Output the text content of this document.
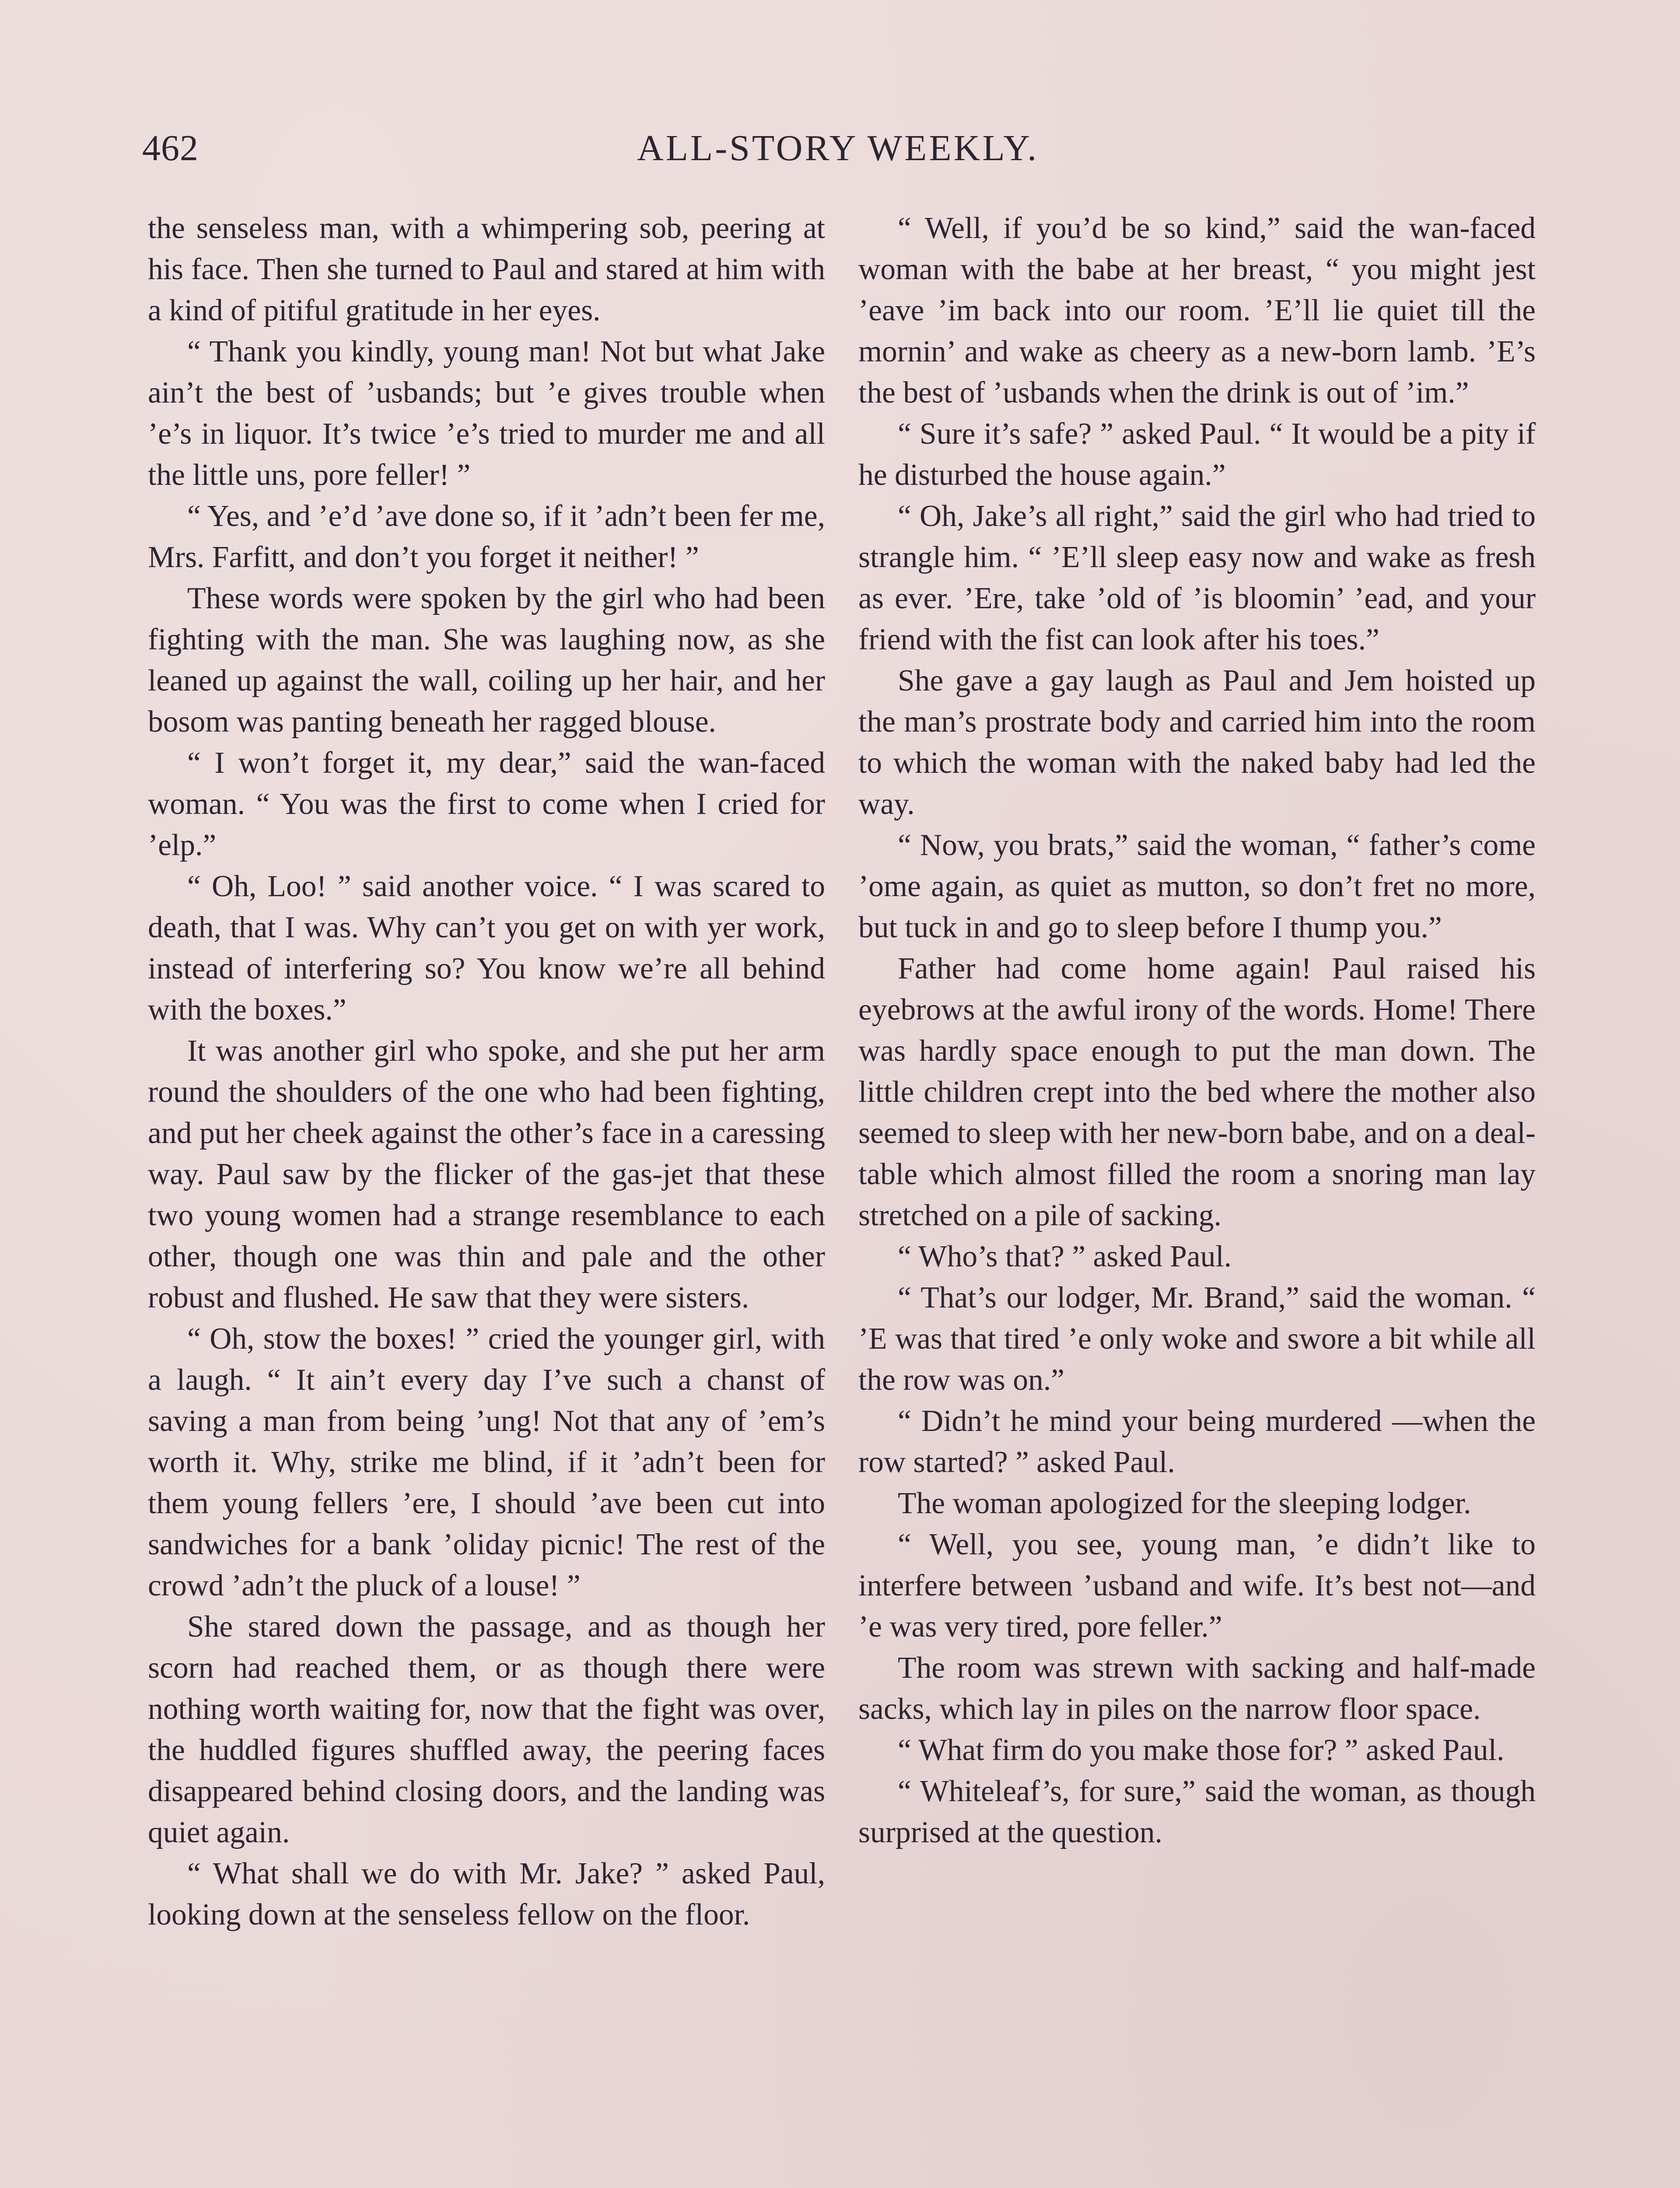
462	ALL-STORY WEEKLY.

the senseless man, with a whimpering sob, peering at his face. Then she turned to Paul and stared at him with a kind of pitiful gratitude in her eyes.

“ Thank you kindly, young man! Not but what Jake ain’t the best of ’usbands; but ’e gives trouble when ’e’s in liquor. It’s twice ’e’s tried to murder me and all the little uns, pore feller! ”

“ Yes, and ’e’d ’ave done so, if it ’adn’t been fer me, Mrs. Farfitt, and don’t you forget it neither! ”

These words were spoken by the girl who had been fighting with the man. She was laughing now, as she leaned up against the wall, coiling up her hair, and her bosom was panting beneath her ragged blouse.

“ I won’t forget it, my dear,” said the wan-faced woman. “ You was the first to come when I cried for ’elp.”

“ Oh, Loo! ” said another voice. “ I was scared to death, that I was. Why can’t you get on with yer work, instead of interfering so? You know we’re all behind with the boxes.”

It was another girl who spoke, and she put her arm round the shoulders of the one who had been fighting, and put her cheek against the other’s face in a caressing way. Paul saw by the flicker of the gas-jet that these two young women had a strange resemblance to each other, though one was thin and pale and the other robust and flushed. He saw that they were sisters.

“ Oh, stow the boxes! ” cried the younger girl, with a laugh. “ It ain’t every day I’ve such a chanst of saving a man from being ’ung! Not that any of ’em’s worth it. Why, strike me blind, if it ’adn’t been for them young fellers ’ere, I should ’ave been cut into sandwiches for a bank ’oliday picnic! The rest of the crowd ’adn’t the pluck of a louse! ”

She stared down the passage, and as though her scorn had reached them, or as though there were nothing worth waiting for, now that the fight was over, the huddled figures shuffled away, the peering faces disappeared behind closing doors, and the landing was quiet again.

“ What shall we do with Mr. Jake? ” asked Paul, looking down at the senseless fellow on the floor.

“ Well, if you’d be so kind,” said the wan-faced woman with the babe at her breast, “ you might jest ’eave ’im back into our room. ’E’ll lie quiet till the mornin’ and wake as cheery as a new-born lamb. ’E’s the best of ’usbands when the drink is out of ’im.”

“ Sure it’s safe? ” asked Paul. “ It would be a pity if he disturbed the house again.”

“ Oh, Jake’s all right,” said the girl who had tried to strangle him. “ ’E’ll sleep easy now and wake as fresh as ever. ’Ere, take ’old of ’is bloomin’ ’ead, and your friend with the fist can look after his toes.”

She gave a gay laugh as Paul and Jem hoisted up the man’s prostrate body and carried him into the room to which the woman with the naked baby had led the way.

“ Now, you brats,” said the woman, “ father’s come ’ome again, as quiet as mutton, so don’t fret no more, but tuck in and go to sleep before I thump you.”

Father had come home again! Paul raised his eyebrows at the awful irony of the words. Home! There was hardly space enough to put the man down. The little children crept into the bed where the mother also seemed to sleep with her new-born babe, and on a deal-table which almost filled the room a snoring man lay stretched on a pile of sacking.

“ Who’s that? ” asked Paul.

“ That’s our lodger, Mr. Brand,” said the woman. “ ’E was that tired ’e only woke and swore a bit while all the row was on.”

“ Didn’t he mind your being murdered —when the row started? ” asked Paul.

The woman apologized for the sleeping lodger.

“ Well, you see, young man, ’e didn’t like to interfere between ’usband and wife. It’s best not—and ’e was very tired, pore feller.”

The room was strewn with sacking and half-made sacks, which lay in piles on the narrow floor space.

“ What firm do you make those for? ” asked Paul.

“ Whiteleaf’s, for sure,” said the woman, as though surprised at the question.
